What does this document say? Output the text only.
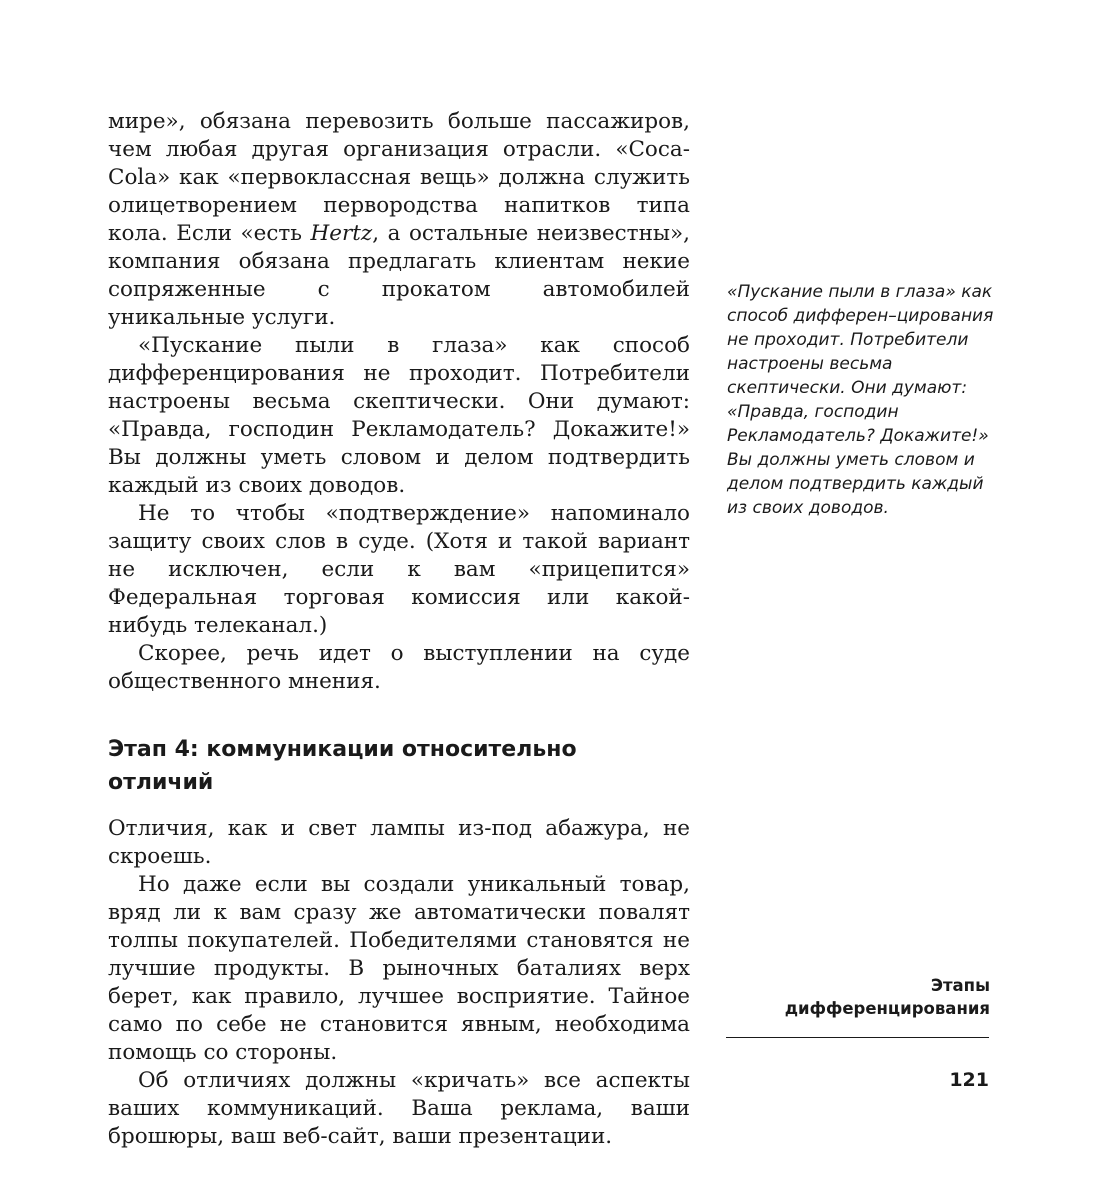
мире», обязана перевозить больше пассажиров, чем любая другая организация отрасли. «Coca-Cola» как «первоклассная вещь» должна служить олицетворением первородства напитков типа кола. Если «есть Hertz, а остальные неизвестны», компания обязана предлагать клиентам некие сопряженные с прокатом автомобилей уникальные услуги.

«Пускание пыли в глаза» как способ дифференцирования не проходит. Потребители настроены весьма скептически. Они думают: «Правда, господин Рекламодатель? Докажите!» Вы должны уметь словом и делом подтвердить каждый из своих доводов.

Не то чтобы «подтверждение» напоминало защиту своих слов в суде. (Хотя и такой вариант не исключен, если к вам «прицепится» Федеральная торговая комиссия или какой-нибудь телеканал.)

Скорее, речь идет о выступлении на суде общественного мнения.

Этап 4: коммуникации относительно
отличий

Отличия, как и свет лампы из-под абажура, не скроешь.

Но даже если вы создали уникальный товар, вряд ли к вам сразу же автоматически повалят толпы покупателей. Победителями становятся не лучшие продукты. В рыночных баталиях верх берет, как правило, лучшее восприятие. Тайное само по себе не становится явным, необходима помощь со стороны.

Об отличиях должны «кричать» все аспекты ваших коммуникаций. Ваша реклама, ваши брошюры, ваш веб-сайт, ваши презентации.

«Пускание пыли в глаза» как способ дифферен–цирования не проходит. Потребители настроены весьма скептически. Они думают: «Правда, господин Рекламодатель? Докажите!» Вы должны уметь словом и делом подтвердить каждый из своих доводов.
Этапы
дифференцирования
121
